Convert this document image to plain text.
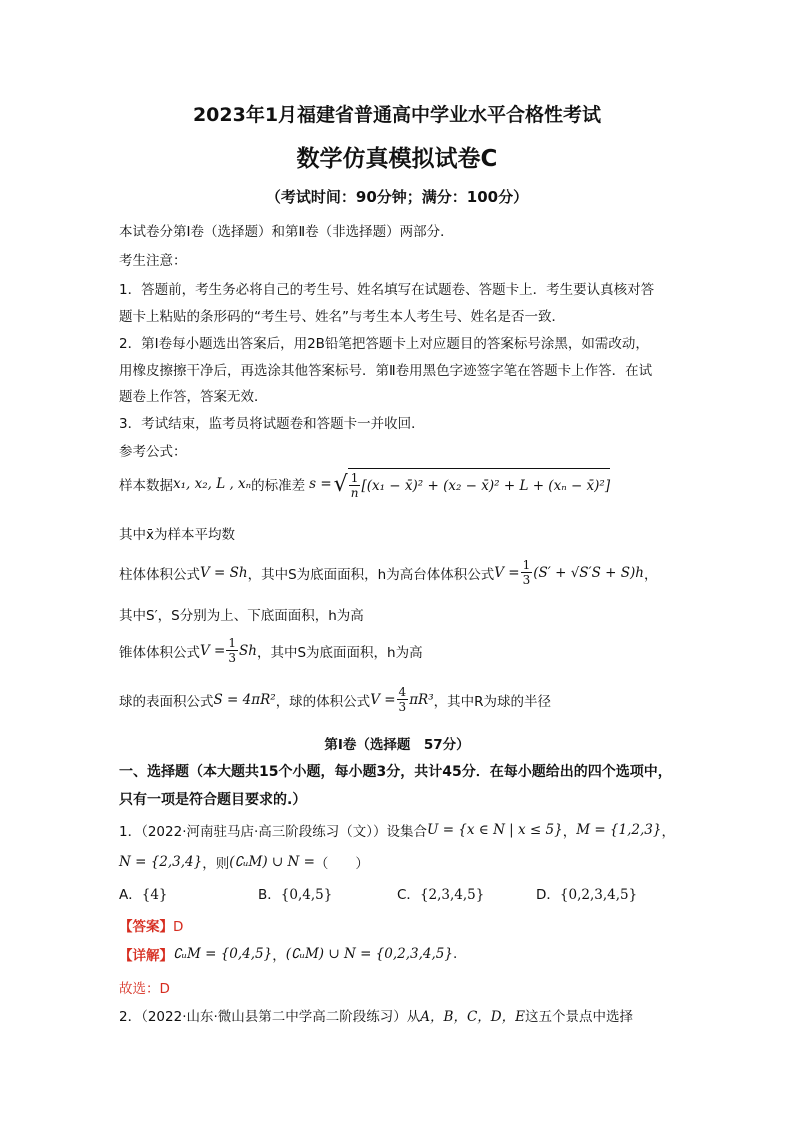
2023年1月福建省普通高中学业水平合格性考试
数学仿真模拟试卷C
（考试时间：90分钟；满分：100分）
本试卷分第Ⅰ卷（选择题）和第Ⅱ卷（非选择题）两部分．
考生注意：
1．答题前，考生务必将自己的考生号、姓名填写在试题卷、答题卡上．考生要认真核对答
题卡上粘贴的条形码的“考生号、姓名”与考生本人考生号、姓名是否一致．
2．第Ⅰ卷每小题选出答案后，用2B铅笔把答题卡上对应题目的答案标号涂黑，如需改动，
用橡皮擦擦干净后，再选涂其他答案标号．第Ⅱ卷用黑色字迹签字笔在答题卡上作答．在试
题卷上作答，答案无效．
3．考试结束，监考员将试题卷和答题卡一并收回．
参考公式：
样本数据 x₁, x₂, L , xₙ 的标准差 s = √ $\frac{1}{n} [(x_1$ − x̄)² + (x₂ − x̄)² + L + (xₙ − x̄)²]
其中x̄为样本平均数
柱体体积公式 V = Sh ，其中S为底面面积，h为高台体体积公式 $V = \frac{1}{3} (S' + √S'S + S)h$ ，
其中S′，S分别为上、下底面面积，h为高
锥体体积公式 $V = \frac{1}{3}$ Sh ，其中S为底面面积，h为高
球的表面积公式 S = 4πR² ，球的体积公式 $V = \frac{4}{3} \pi R^3$ ，其中R为球的半径
第Ⅰ卷（选择题　57分）
一、选择题（本大题共15个小题，每小题3分，共计45分．在每小题给出的四个选项中，
只有一项是符合题目要求的.）
1．（2022·河南驻马店·高三阶段练习（文））设集合 U = {x ∈ N | x ≤ 5} ， M = {1,2,3} ，
N = {2,3,4} ，则 (∁ᵤM) ∪ N = （　　）
A．{4}	B．{0,4,5}	C．{2,3,4,5}	D．{0,2,3,4,5}
【答案】D
【详解】 ∁ᵤM = {0,4,5} ， (∁ᵤM) ∪ N = {0,2,3,4,5} .
故选：D
2．（2022·山东·微山县第二中学高二阶段练习）从 A，B，C，D，E 这五个景点中选择
